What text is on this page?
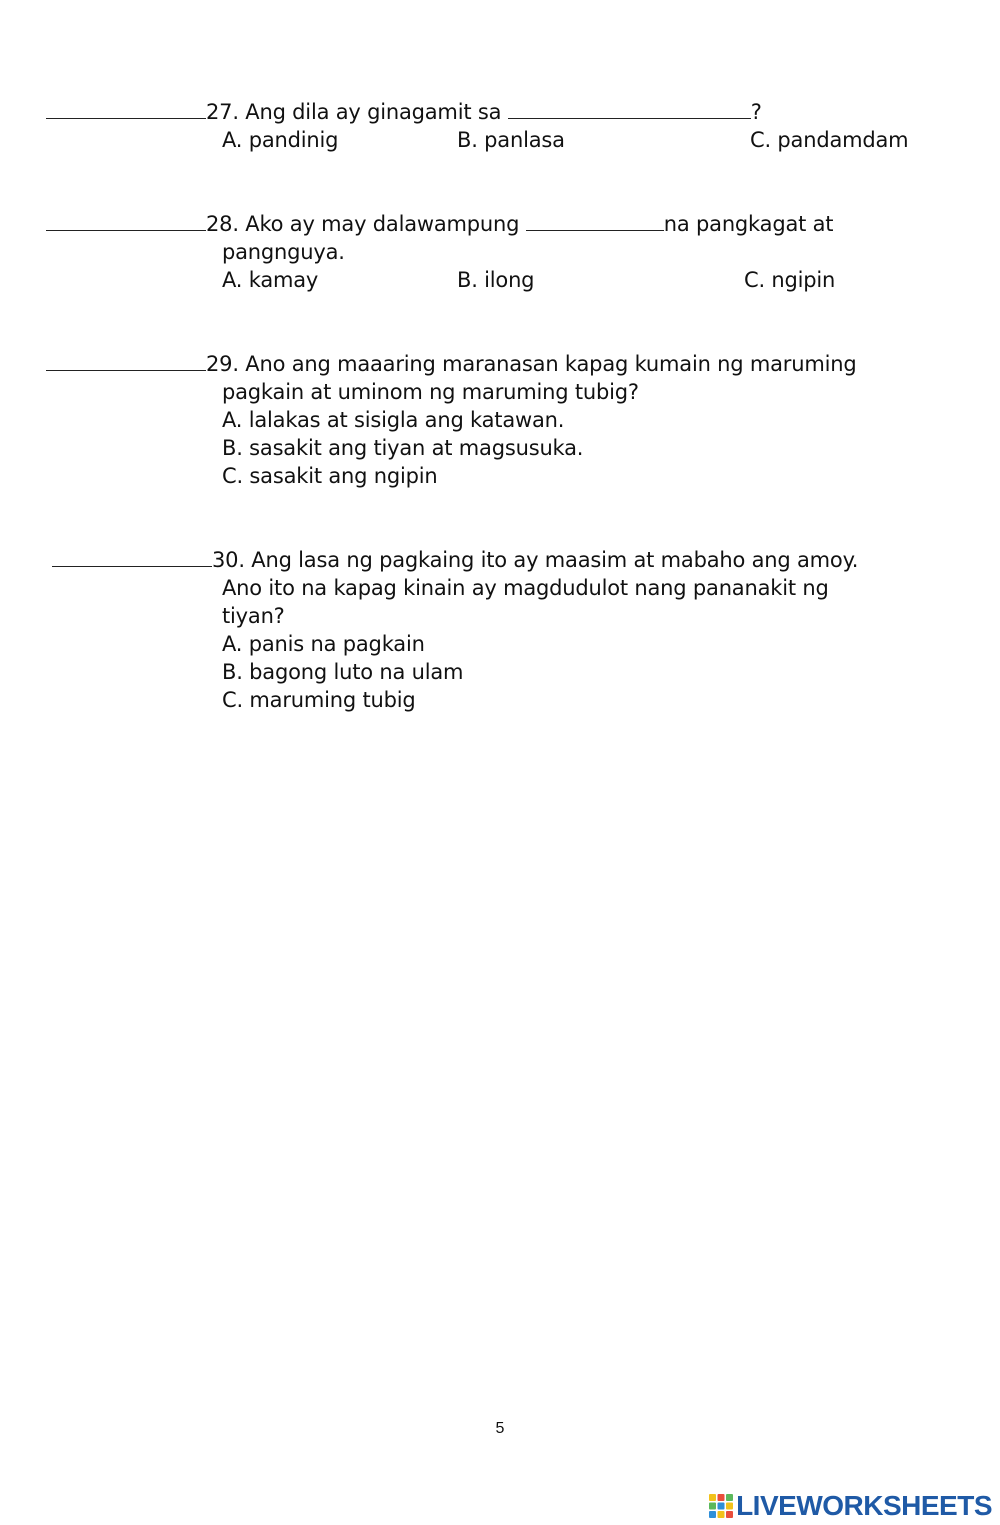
27. Ang dila ay ginagamit sa	?
A. pandinig	B. panlasa	C. pandamdam
28. Ako ay may dalawampung	na pangkagat at
pangnguya.
A. kamay	B. ilong	C. ngipin
29. Ano ang maaaring maranasan kapag kumain ng maruming
pagkain at uminom ng maruming tubig?
A. lalakas at sisigla ang katawan.
B. sasakit ang tiyan at magsusuka.
C. sasakit ang ngipin
30. Ang lasa ng pagkaing ito ay maasim at mabaho ang amoy.
Ano ito na kapag kinain ay magdudulot nang pananakit ng
tiyan?
A. panis na pagkain
B. bagong luto na ulam
C. maruming tubig
5
LIVEWORKSHEETS
